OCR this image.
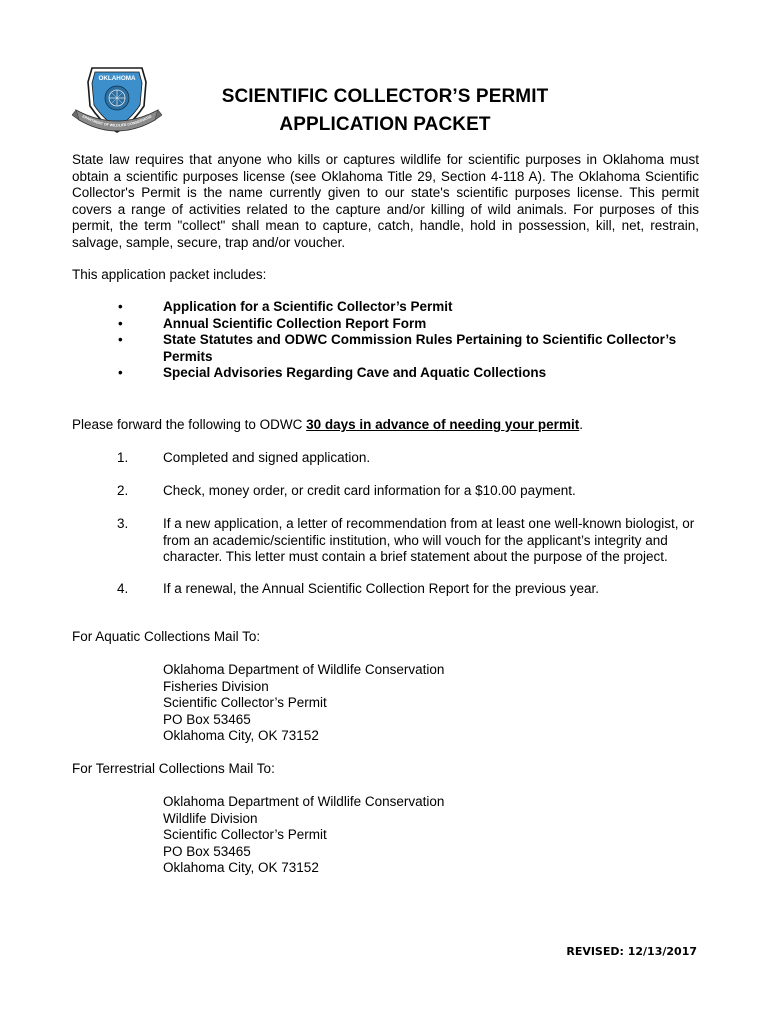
OKLAHOMA
EPARTMENT OF WILDLIFE CONSERVATIO
SCIENTIFIC COLLECTOR’S PERMIT
APPLICATION PACKET

State law requires that anyone who kills or captures wildlife for scientific purposes in Oklahoma must obtain a scientific purposes license (see Oklahoma Title 29, Section 4-118 A). The Oklahoma Scientific Collector's Permit is the name currently given to our state's scientific purposes license. This permit covers a range of activities related to the capture and/or killing of wild animals. For purposes of this permit, the term "collect" shall mean to capture, catch, handle, hold in possession, kill, net, restrain, salvage, sample, secure, trap and/or voucher.

This application packet includes:

•	Application for a Scientific Collector’s Permit
•	Annual Scientific Collection Report Form
•	State Statutes and ODWC Commission Rules Pertaining to Scientific Collector’s Permits
•	Special Advisories Regarding Cave and Aquatic Collections

Please forward the following to ODWC 30 days in advance of needing your permit.

1.	Completed and signed application.
2.	Check, money order, or credit card information for a $10.00 payment.
3.	If a new application, a letter of recommendation from at least one well-known biologist, or from an academic/scientific institution, who will vouch for the applicant’s integrity and character. This letter must contain a brief statement about the purpose of the project.
4.	If a renewal, the Annual Scientific Collection Report for the previous year.

For Aquatic Collections Mail To:

Oklahoma Department of Wildlife Conservation
Fisheries Division
Scientific Collector’s Permit
PO Box 53465
Oklahoma City, OK 73152

For Terrestrial Collections Mail To:

Oklahoma Department of Wildlife Conservation
Wildlife Division
Scientific Collector’s Permit
PO Box 53465
Oklahoma City, OK 73152
REVISED: 12/13/2017
